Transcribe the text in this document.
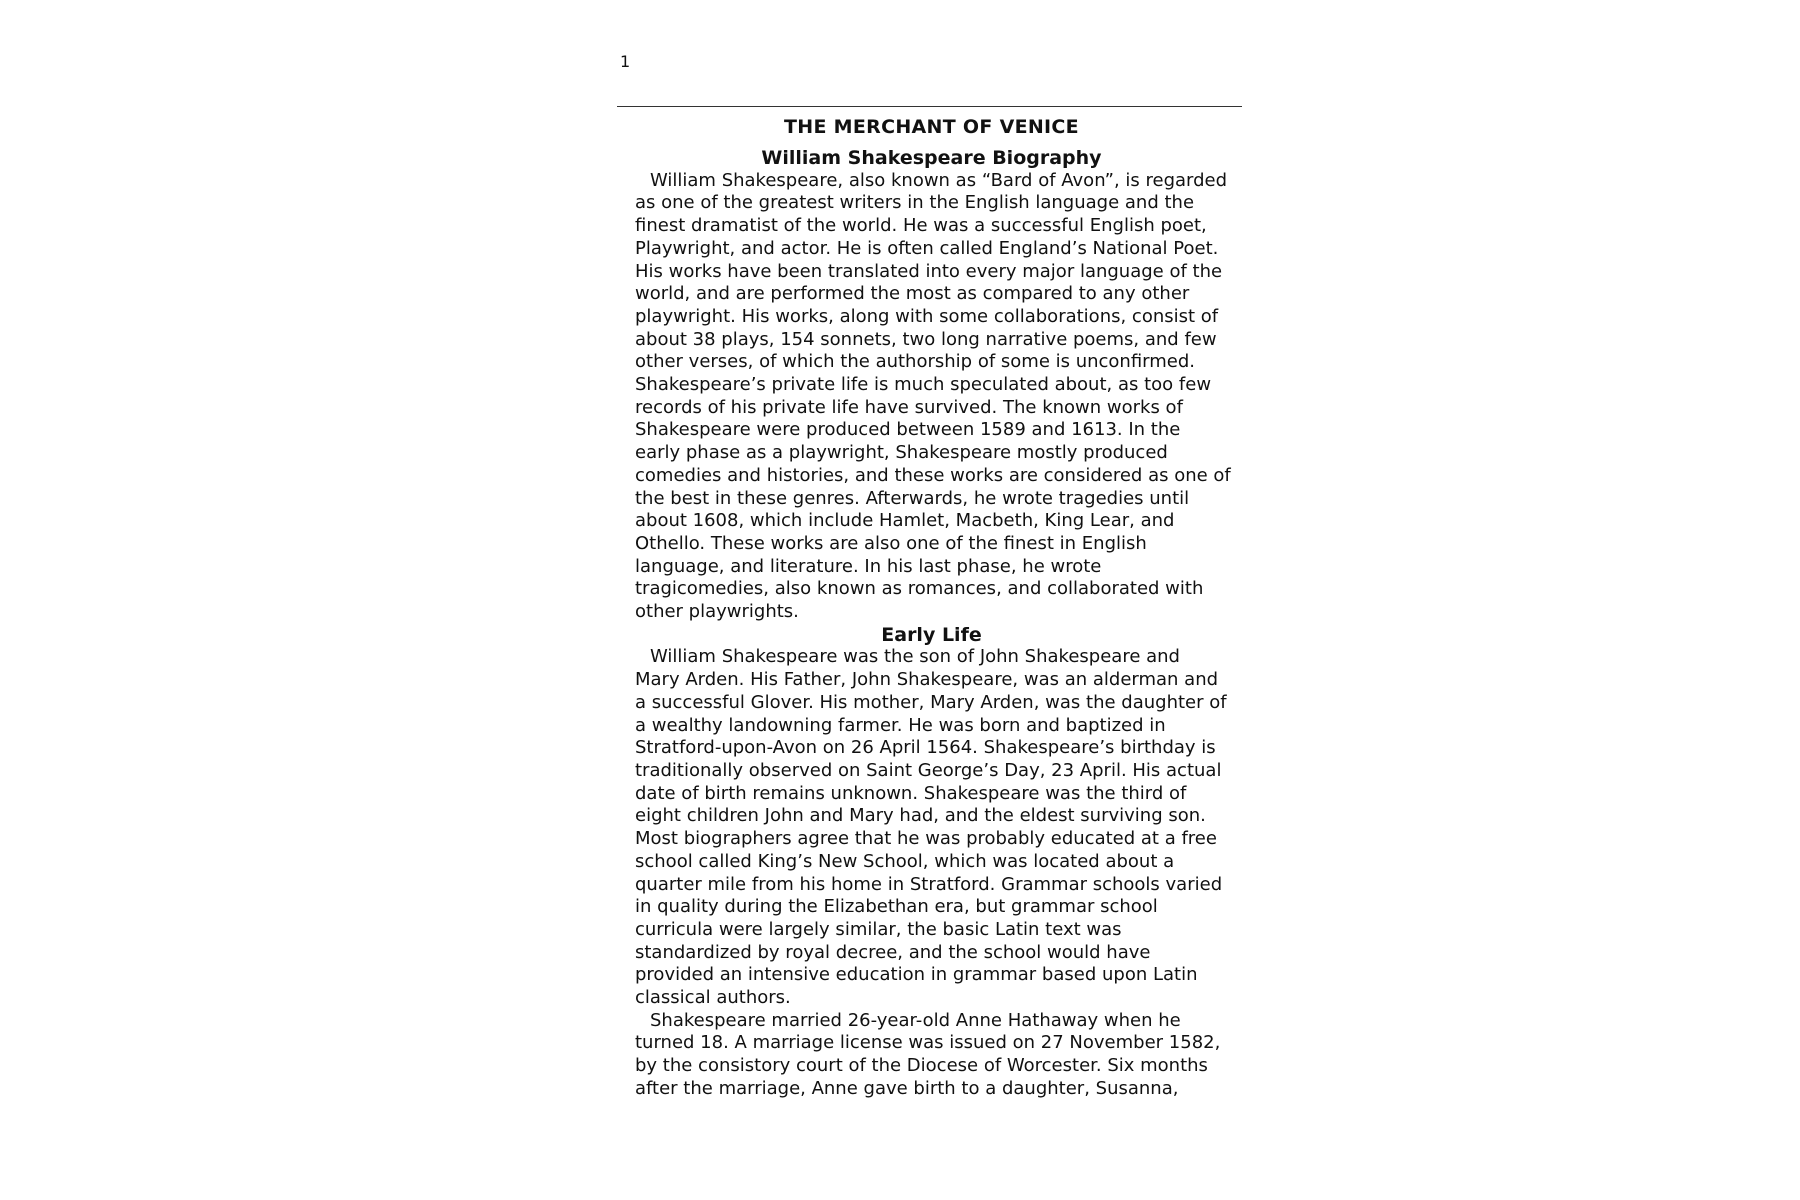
1
THE MERCHANT OF VENICE
William Shakespeare Biography

William Shakespeare, also known as “Bard of Avon”, is regarded
as one of the greatest writers in the English language and the
finest dramatist of the world. He was a successful English poet,
Playwright, and actor. He is often called England’s National Poet.
His works have been translated into every major language of the
world, and are performed the most as compared to any other
playwright. His works, along with some collaborations, consist of
about 38 plays, 154 sonnets, two long narrative poems, and few
other verses, of which the authorship of some is unconfirmed.
Shakespeare’s private life is much speculated about, as too few
records of his private life have survived. The known works of
Shakespeare were produced between 1589 and 1613. In the
early phase as a playwright, Shakespeare mostly produced
comedies and histories, and these works are considered as one of
the best in these genres. Afterwards, he wrote tragedies until
about 1608, which include Hamlet, Macbeth, King Lear, and
Othello. These works are also one of the finest in English
language, and literature. In his last phase, he wrote
tragicomedies, also known as romances, and collaborated with
other playwrights.

Early Life

William Shakespeare was the son of John Shakespeare and
Mary Arden. His Father, John Shakespeare, was an alderman and
a successful Glover. His mother, Mary Arden, was the daughter of
a wealthy landowning farmer. He was born and baptized in
Stratford-upon-Avon on 26 April 1564. Shakespeare’s birthday is
traditionally observed on Saint George’s Day, 23 April. His actual
date of birth remains unknown. Shakespeare was the third of
eight children John and Mary had, and the eldest surviving son.
Most biographers agree that he was probably educated at a free
school called King’s New School, which was located about a
quarter mile from his home in Stratford. Grammar schools varied
in quality during the Elizabethan era, but grammar school
curricula were largely similar, the basic Latin text was
standardized by royal decree, and the school would have
provided an intensive education in grammar based upon Latin
classical authors.

Shakespeare married 26-year-old Anne Hathaway when he
turned 18. A marriage license was issued on 27 November 1582,
by the consistory court of the Diocese of Worcester. Six months
after the marriage, Anne gave birth to a daughter, Susanna,
